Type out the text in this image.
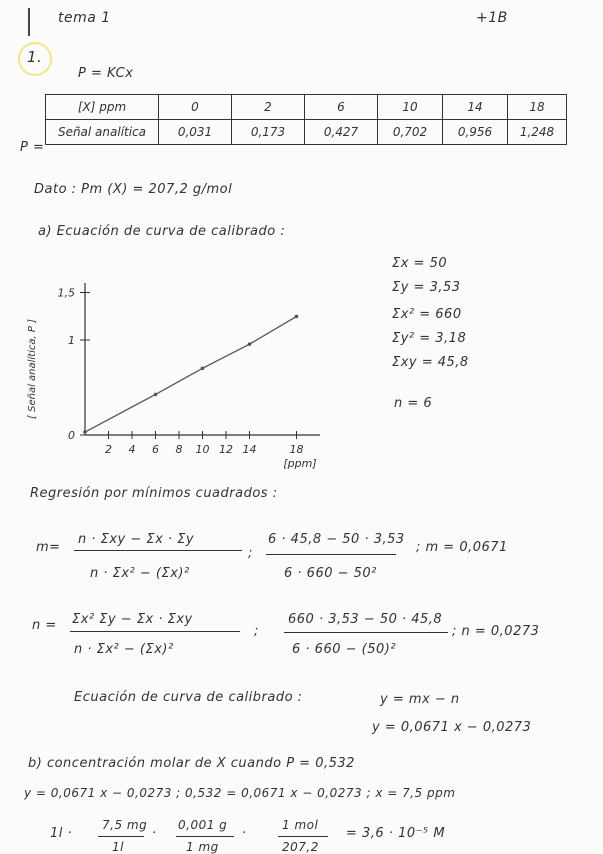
tema 1	+1B
1.
P = KCx
P =
[X] ppm	0	2	6	10	14	18
Señal analítica	0,031	0,173	0,427	0,702	0,956	1,248
Dato : Pm (X) = 207,2 g/mol
a) Ecuación de curva de calibrado :
Σx = 50
Σy = 3,53
Σx² = 660
Σy² = 3,18
Σxy = 45,8
n = 6
2 4 6 8 10 12 14	18
0
1
1,5
[ppm]
[ Señal analítica, P ]
Regresión por mínimos cuadrados :
m=
n · Σxy − Σx · Σy
n · Σx² − (Σx)²
;
6 · 45,8 − 50 · 3,53
6 · 660 − 50²
; m = 0,0671
n = Σx² Σy − Σx · Σxy
n · Σx² − (Σx)²
;
660 · 3,53 − 50 · 45,8
6 · 660 − (50)²
; n = 0,0273
Ecuación de curva de calibrado :	y = mx − n
y = 0,0671 x − 0,0273
b) concentración molar de X cuando P = 0,532
y = 0,0671 x − 0,0273 ; 0,532 = 0,0671 x − 0,0273 ; x = 7,5 ppm
1l ·
7,5 mg
1l
·
0,001 g
1 mg
·
1 mol
207,2
= 3,6 · 10⁻⁵ M
